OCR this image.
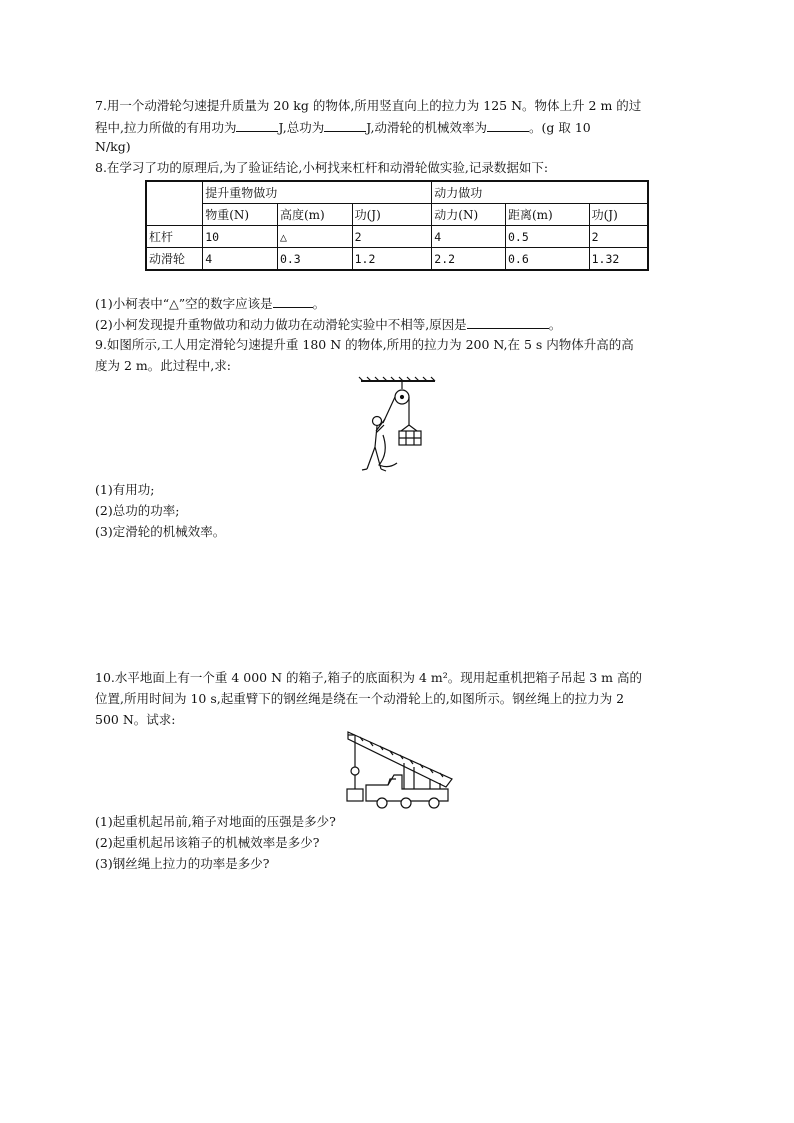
7.用一个动滑轮匀速提升质量为 20 kg 的物体,所用竖直向上的拉力为 125 N。物体上升 2 m 的过
程中,拉力所做的有用功为	J,总功为	J,动滑轮的机械效率为	。(g 取 10
N/kg)
8.在学习了功的原理后,为了验证结论,小柯找来杠杆和动滑轮做实验,记录数据如下:
	提升重物做功			动力做功		
	物重(N)	高度(m)	功(J)	动力(N)	距离(m)	功(J)
杠杆	10	△	2	4	0.5	2
动滑轮	4	0.3	1.2	2.2	0.6	1.32
(1)小柯表中“△”空的数字应该是	。
(2)小柯发现提升重物做功和动力做功在动滑轮实验中不相等,原因是	。
9.如图所示,工人用定滑轮匀速提升重 180 N 的物体,所用的拉力为 200 N,在 5 s 内物体升高的高
度为 2 m。此过程中,求:
(1)有用功;
(2)总功的功率;
(3)定滑轮的机械效率。
10.水平地面上有一个重 4 000 N 的箱子,箱子的底面积为 4 m²。现用起重机把箱子吊起 3 m 高的
位置,所用时间为 10 s,起重臂下的钢丝绳是绕在一个动滑轮上的,如图所示。钢丝绳上的拉力为 2
500 N。试求:
(1)起重机起吊前,箱子对地面的压强是多少?
(2)起重机起吊该箱子的机械效率是多少?
(3)钢丝绳上拉力的功率是多少?
